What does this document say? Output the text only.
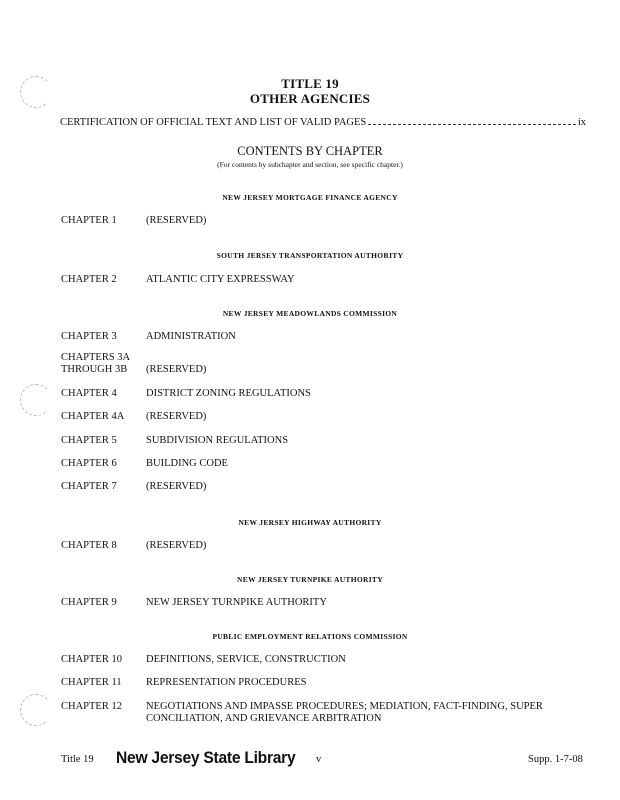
TITLE 19
OTHER AGENCIES
CERTIFICATION OF OFFICIAL TEXT AND LIST OF VALID PAGES	ix
CONTENTS BY CHAPTER
(For contents by subchapter and section, see specific chapter.)
NEW JERSEY MORTGAGE FINANCE AGENCY
CHAPTER 1	(RESERVED)
SOUTH JERSEY TRANSPORTATION AUTHORITY
CHAPTER 2	ATLANTIC CITY EXPRESSWAY
NEW JERSEY MEADOWLANDS COMMISSION
CHAPTER 3	ADMINISTRATION
CHAPTERS 3A
THROUGH 3B	(RESERVED)
CHAPTER 4	DISTRICT ZONING REGULATIONS
CHAPTER 4A	(RESERVED)
CHAPTER 5	SUBDIVISION REGULATIONS
CHAPTER 6	BUILDING CODE
CHAPTER 7	(RESERVED)
NEW JERSEY HIGHWAY AUTHORITY
CHAPTER 8	(RESERVED)
NEW JERSEY TURNPIKE AUTHORITY
CHAPTER 9	NEW JERSEY TURNPIKE AUTHORITY
PUBLIC EMPLOYMENT RELATIONS COMMISSION
CHAPTER 10	DEFINITIONS, SERVICE, CONSTRUCTION
CHAPTER 11	REPRESENTATION PROCEDURES
CHAPTER 12	NEGOTIATIONS AND IMPASSE PROCEDURES; MEDIATION, FACT-FINDING, SUPER
CONCILIATION, AND GRIEVANCE ARBITRATION
Title 19 New Jersey State Library v	Supp. 1-7-08
